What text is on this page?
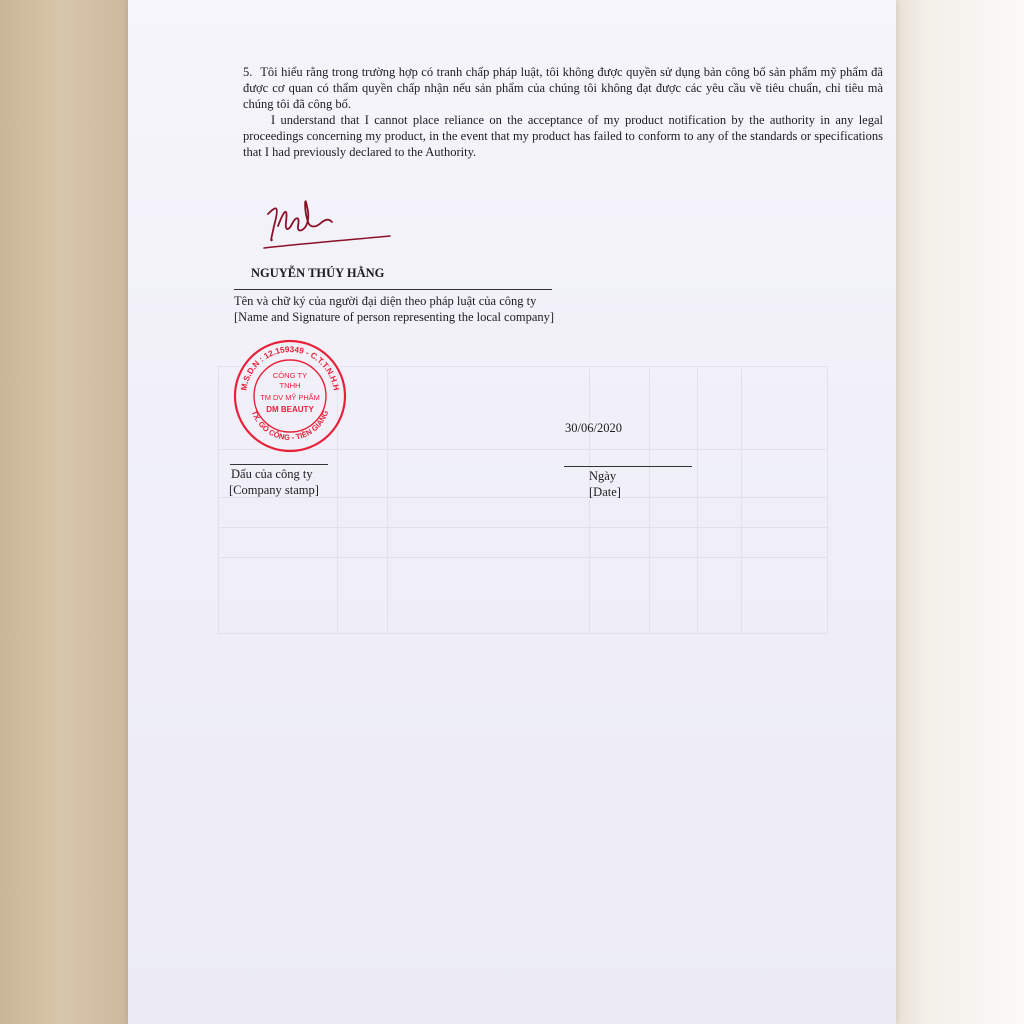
5. Tôi hiểu rằng trong trường hợp có tranh chấp pháp luật, tôi không được quyền sử dụng bản công bố sản phẩm mỹ phẩm đã được cơ quan có thẩm quyền chấp nhận nếu sản phẩm của chúng tôi không đạt được các yêu cầu về tiêu chuẩn, chỉ tiêu mà chúng tôi đã công bố.

I understand that I cannot place reliance on the acceptance of my product notification by the authority in any legal proceedings concerning my product, in the event that my product has failed to conform to any of the standards or specifications that I had previously declared to the Authority.

NGUYỄN THÚY HẰNG
Tên và chữ ký của người đại diện theo pháp luật của công ty
[Name and Signature of person representing the local company]
M.S.D.N : 12.159349 - C.T.T.N.H.H
TX. GÒ CÔNG - TIỀN GIANG
CÔNG TY
TNHH
TM DV MỸ PHẨM
DM BEAUTY
30/06/2020
Dấu của công ty
[Company stamp]
Ngày
[Date]
